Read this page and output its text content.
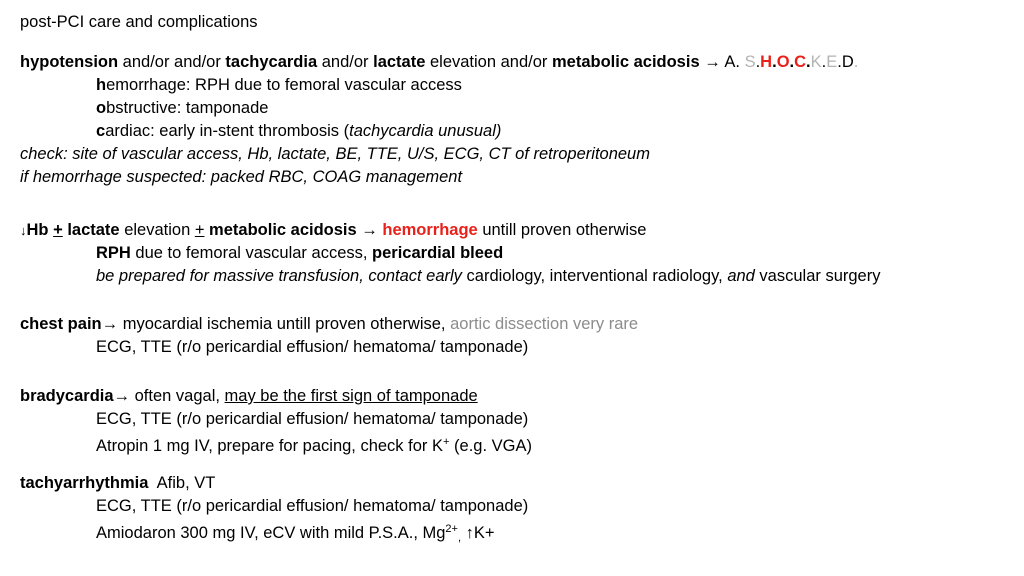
post-PCI care and complications
hypotension and/or and/or tachycardia and/or lactate elevation and/or metabolic acidosis → A. S.H.O.C.K.E.D.
hemorrhage: RPH due to femoral vascular access
obstructive: tamponade
cardiac: early in-stent thrombosis (tachycardia unusual)
check: site of vascular access, Hb, lactate, BE, TTE, U/S, ECG, CT of retroperitoneum
if hemorrhage suspected: packed RBC, COAG management
↓Hb + lactate elevation + metabolic acidosis → hemorrhage untill proven otherwise
RPH due to femoral vascular access, pericardial bleed
be prepared for massive transfusion, contact early cardiology, interventional radiology, and vascular surgery
chest pain→ myocardial ischemia untill proven otherwise, aortic dissection very rare
ECG, TTE (r/o pericardial effusion/ hematoma/ tamponade)
bradycardia→ often vagal, may be the first sign of tamponade
ECG, TTE (r/o pericardial effusion/ hematoma/ tamponade)
Atropin 1 mg IV, prepare for pacing, check for K+ (e.g. VGA)
tachyarrhythmia  Afib, VT
ECG, TTE (r/o pericardial effusion/ hematoma/ tamponade)
Amiodaron 300 mg IV, eCV with mild P.S.A., $Mg^{2+}_,$ ↑K+
